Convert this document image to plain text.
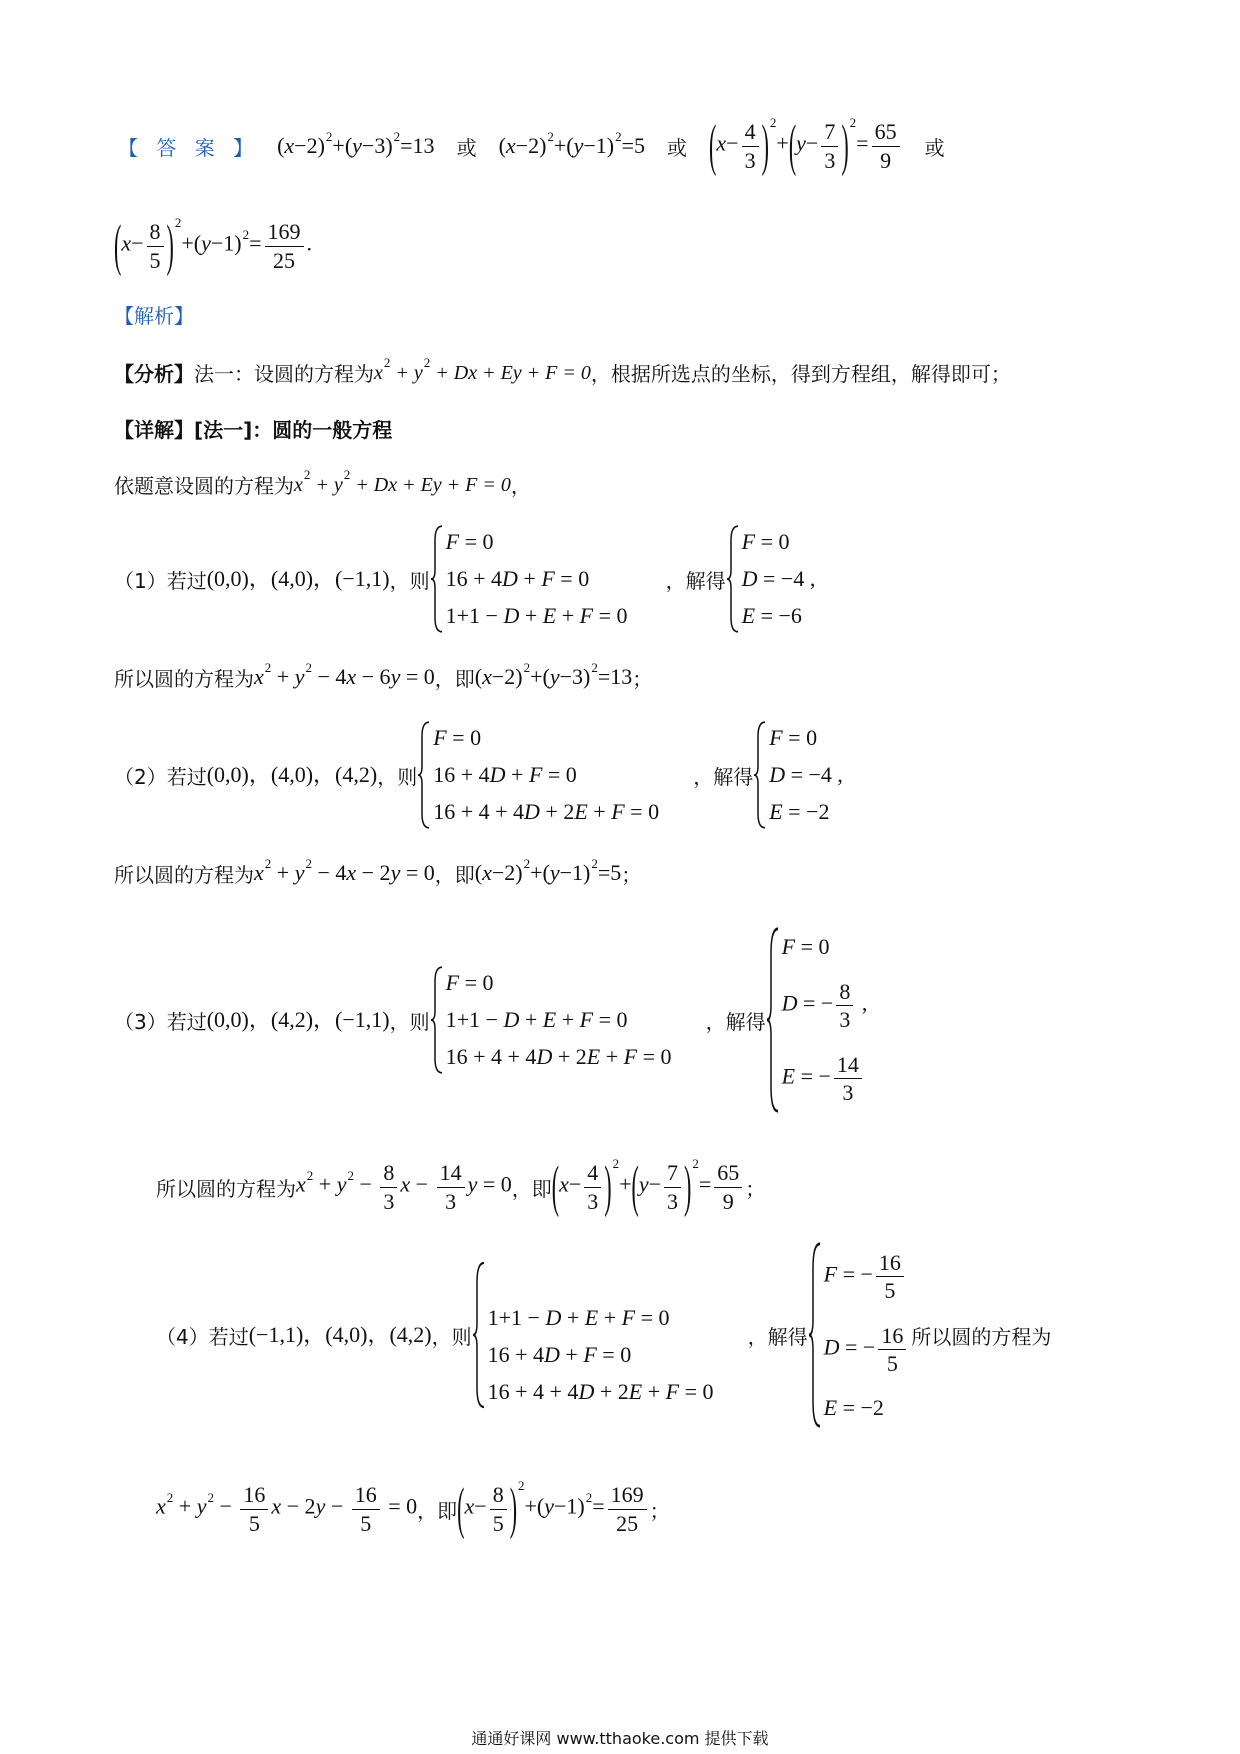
【 答 案 】 $(x-2)^2+(y-3)^2=13$ 或 $(x-2)^2+(y-1)^2=5$ 或 $(x- \frac{4}{3} )^2+(y- \frac{7}{3} )^2= \frac{65}{9}$ 或
$(x- \frac{8}{5} )^2+(y-1)^2= \frac{169}{25}$ .
【解析】
【分析】 法一：设圆的方程为 $x^2 + y^2 + Dx + Ey + F = 0$ ，根据所选点的坐标，得到方程组，解得即可；
【详解】 [法一]：圆的一般方程
依题意设圆的方程为 $x^2 + y^2 + Dx + Ey + F = 0$ ，
（1）若过 (0,0)，(4,0)，(−1,1) ，则
F = 0
16 + 4D + F = 0
1+1 − D + E + F = 0
，解得
F = 0
D = −4 ,
E = −6
所以圆的方程为 $x^2 + y^2 - 4x - 6y = 0$ ，即 $(x-2)^2+(y-3)^2=13$ ；
（2）若过 (0,0)，(4,0)，(4,2) ，则
F = 0
16 + 4D + F = 0
16 + 4 + 4D + 2E + F = 0
，解得
F = 0
D = −4 ,
E = −2
所以圆的方程为 $x^2 + y^2 - 4x - 2y = 0$ ，即 $(x-2)^2+(y-1)^2=5$ ；
（3）若过 (0,0)，(4,2)，(−1,1) ，则
F = 0
1+1 − D + E + F = 0
16 + 4 + 4D + 2E + F = 0
，解得
F = 0
D = − $\frac{8}{3}$ ,
E = − $\frac{14}{3}$
所以圆的方程为 $x^2 + y^2 - \frac{8}{3}$ $x - \frac{14}{3}$ y = 0 ，即 $(x- \frac{4}{3} )^2+(y- \frac{7}{3} )^2= \frac{65}{9}$ ；
（4）若过 (−1,1)，(4,0)，(4,2) ，则
1+1 − D + E + F = 0
16 + 4D + F = 0
16 + 4 + 4D + 2E + F = 0
，解得
F = − $\frac{16}{5}$
D = − $\frac{16}{5}$
E = −2
所以圆的方程为
$x^2 + y^2 - \frac{16}{5}$ $x - 2y - \frac{16}{5} = 0$ ，即 $(x- \frac{8}{5} )^2+(y-1)^2= \frac{169}{25}$ ；
通通好课网 www.tthaoke.com 提供下载
